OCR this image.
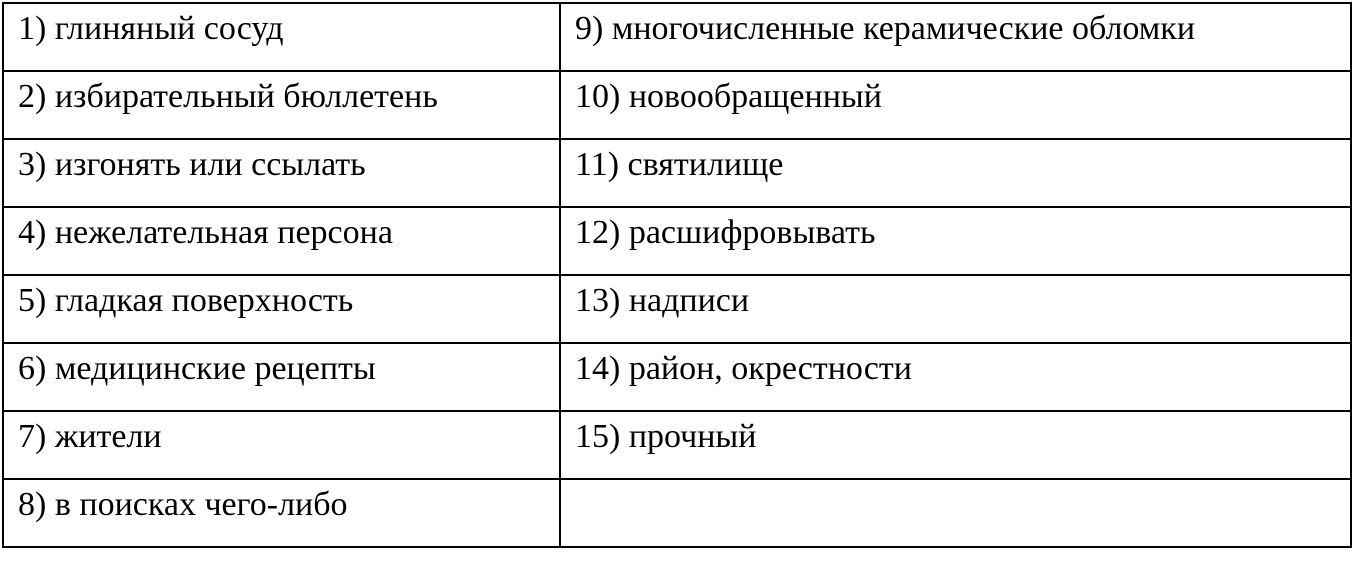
1) глиняный сосуд	9) многочисленные керамические обломки
2) избирательный бюллетень	10) новообращенный
3) изгонять или ссылать	11) святилище
4) нежелательная персона	12) расшифровывать
5) гладкая поверхность	13) надписи
6) медицинские рецепты	14) район, окрестности
7) жители	15) прочный
8) в поисках чего-либо	
